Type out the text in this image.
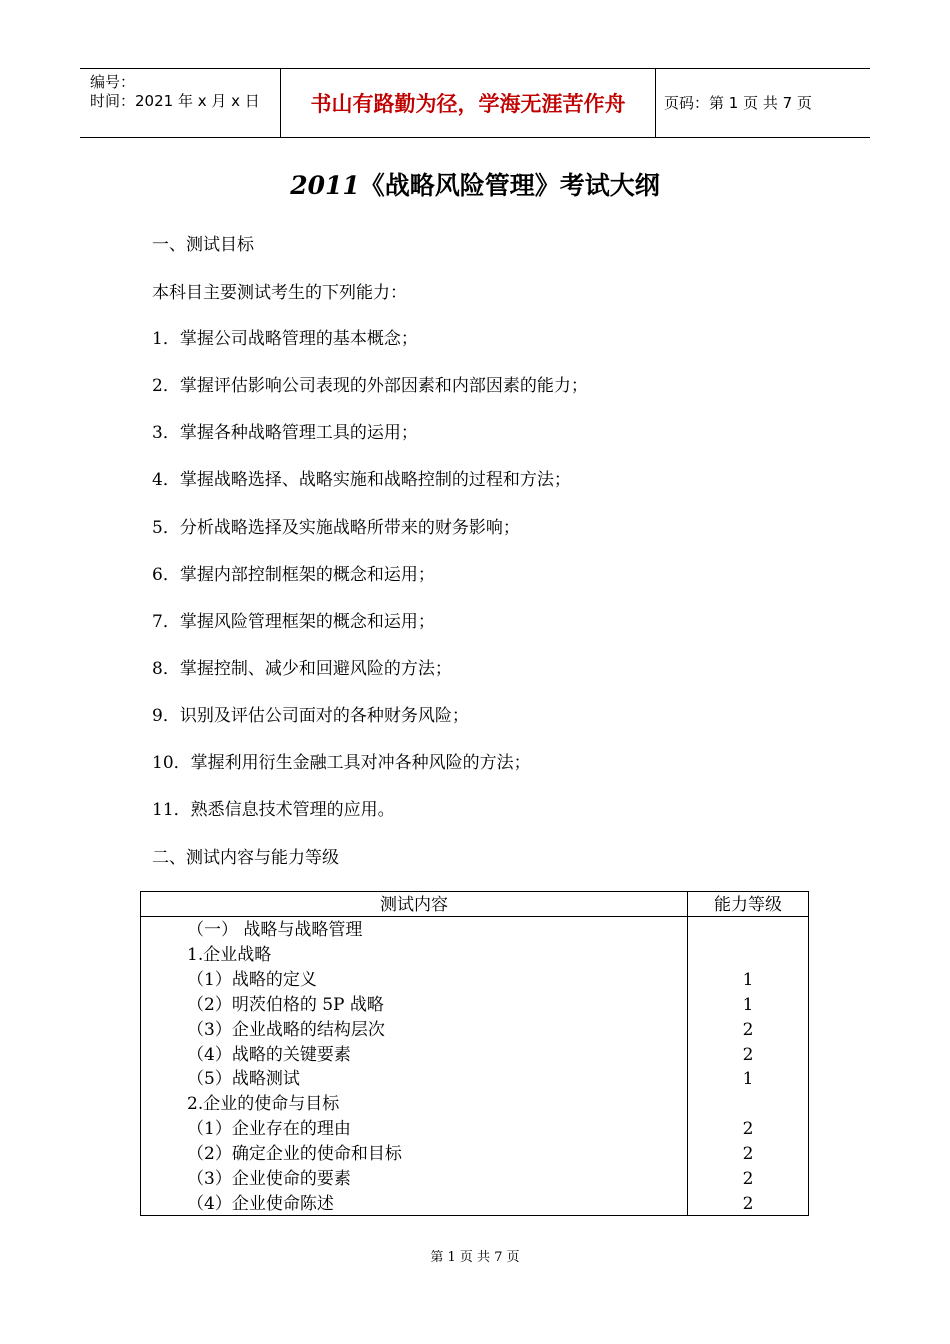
编号：
时间：2021 年 x 月 x 日 书山有路勤为径，学海无涯苦作舟	页码：第 1 页 共 7 页
2011《战略风险管理》考试大纲
一、测试目标
本科目主要测试考生的下列能力：
1．掌握公司战略管理的基本概念；
2．掌握评估影响公司表现的外部因素和内部因素的能力；
3．掌握各种战略管理工具的运用；
4．掌握战略选择、战略实施和战略控制的过程和方法；
5．分析战略选择及实施战略所带来的财务影响；
6．掌握内部控制框架的概念和运用；
7．掌握风险管理框架的概念和运用；
8．掌握控制、减少和回避风险的方法；
9．识别及评估公司面对的各种财务风险；
10．掌握利用衍生金融工具对冲各种风险的方法；
11．熟悉信息技术管理的应用。
二、测试内容与能力等级
测试内容	能力等级
（一） 战略与战略管理
1.企业战略
（1）战略的定义	1
（2）明茨伯格的 5P 战略	1
（3）企业战略的结构层次	2
（4）战略的关键要素	2
（5）战略测试	1
2.企业的使命与目标
（1）企业存在的理由	2
（2）确定企业的使命和目标	2
（3）企业使命的要素	2
（4）企业使命陈述	2
第 1 页 共 7 页
